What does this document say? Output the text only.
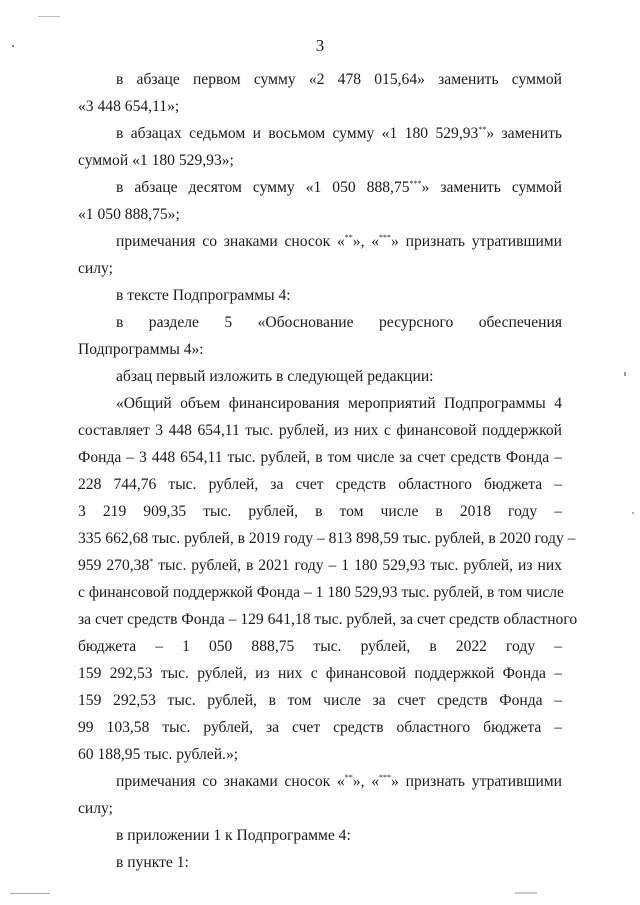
3
в абзаце первом сумму «2 478 015,64» заменить суммой
«3 448 654,11»;
в абзацах седьмом и восьмом сумму «1 180 529,93**» заменить
суммой «1 180 529,93»;
в абзаце десятом сумму «1 050 888,75***» заменить суммой
«1 050 888,75»;
примечания со знаками сносок «**», «***» признать утратившими
силу;
в тексте Подпрограммы 4:
в разделе 5 «Обоснование ресурсного обеспечения
Подпрограммы 4»:
абзац первый изложить в следующей редакции:
«Общий объем финансирования мероприятий Подпрограммы 4
составляет 3 448 654,11 тыс. рублей, из них с финансовой поддержкой
Фонда – 3 448 654,11 тыс. рублей, в том числе за счет средств Фонда –
228 744,76 тыс. рублей, за счет средств областного бюджета –
3 219 909,35 тыс. рублей, в том числе в 2018 году –
335 662,68 тыс. рублей, в 2019 году – 813 898,59 тыс. рублей, в 2020 году –
959 270,38* тыс. рублей, в 2021 году – 1 180 529,93 тыс. рублей, из них
с финансовой поддержкой Фонда – 1 180 529,93 тыс. рублей, в том числе
за счет средств Фонда – 129 641,18 тыс. рублей, за счет средств областного
бюджета – 1 050 888,75 тыс. рублей, в 2022 году –
159 292,53 тыс. рублей, из них с финансовой поддержкой Фонда –
159 292,53 тыс. рублей, в том числе за счет средств Фонда –
99 103,58 тыс. рублей, за счет средств областного бюджета –
60 188,95 тыс. рублей.»;
примечания со знаками сносок «**», «***» признать утратившими
силу;
в приложении 1 к Подпрограмме 4:
в пункте 1:
